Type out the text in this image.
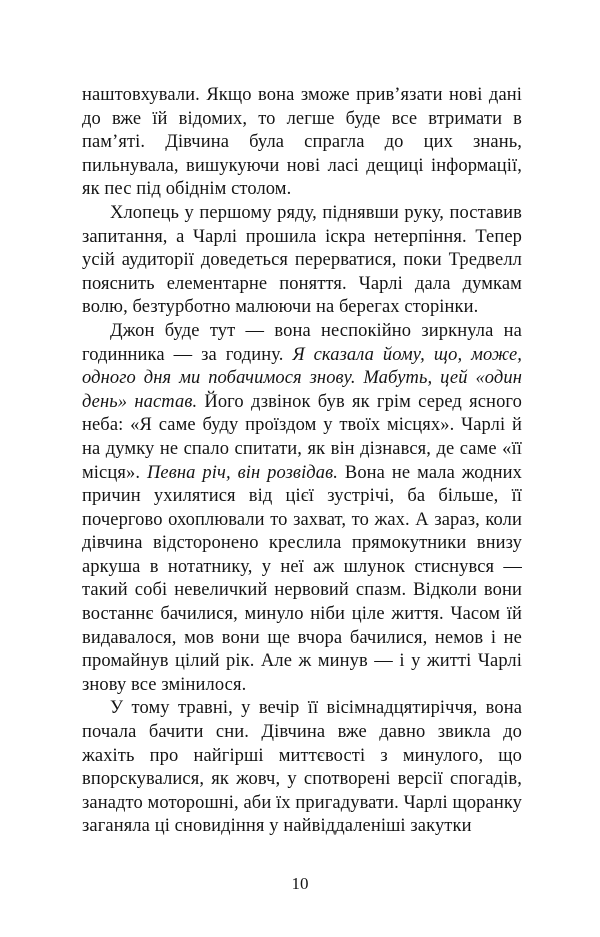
наштовхували. Якщо вона зможе прив’язати нові дані до вже їй відомих, то легше буде все втримати в пам’яті. Дівчина була спрагла до цих знань, пильнувала, вишукуючи нові ласі дещиці інформації, як пес під обіднім столом.

Хлопець у першому ряду, піднявши руку, поставив запитання, а Чарлі прошила іскра нетерпіння. Тепер усій аудиторії доведеться перерватися, поки Тредвелл пояснить елементарне поняття. Чарлі дала думкам волю, безтурботно малюючи на берегах сторінки.

Джон буде тут — вона неспокійно зиркнула на годинника — за годину. Я сказала йому, що, може, одного дня ми побачимося знову. Мабуть, цей «один день» настав. Його дзвінок був як грім серед ясного неба: «Я саме буду проїздом у твоїх місцях». Чарлі й на думку не спало спитати, як він дізнався, де саме «її місця». Певна річ, він розвідав. Вона не мала жодних причин ухилятися від цієї зустрічі, ба більше, її почергово охоплювали то захват, то жах. А зараз, коли дівчина відсторонено креслила прямокутники внизу аркуша в нотатнику, у неї аж шлунок стиснувся — такий собі невеличкий нервовий спазм. Відколи вони востаннє бачилися, минуло ніби ціле життя. Часом їй видавалося, мов вони ще вчора бачилися, немов і не промайнув цілий рік. Але ж минув — і у житті Чарлі знову все змінилося.

У тому травні, у вечір її вісімнадцятиріччя, вона почала бачити сни. Дівчина вже давно звикла до жахіть про найгірші миттєвості з минулого, що впорскувалися, як жовч, у спотворені версії спогадів, занадто моторошні, аби їх пригадувати. Чарлі щоранку заганяла ці сновидіння у найвіддаленіші закутки

10
